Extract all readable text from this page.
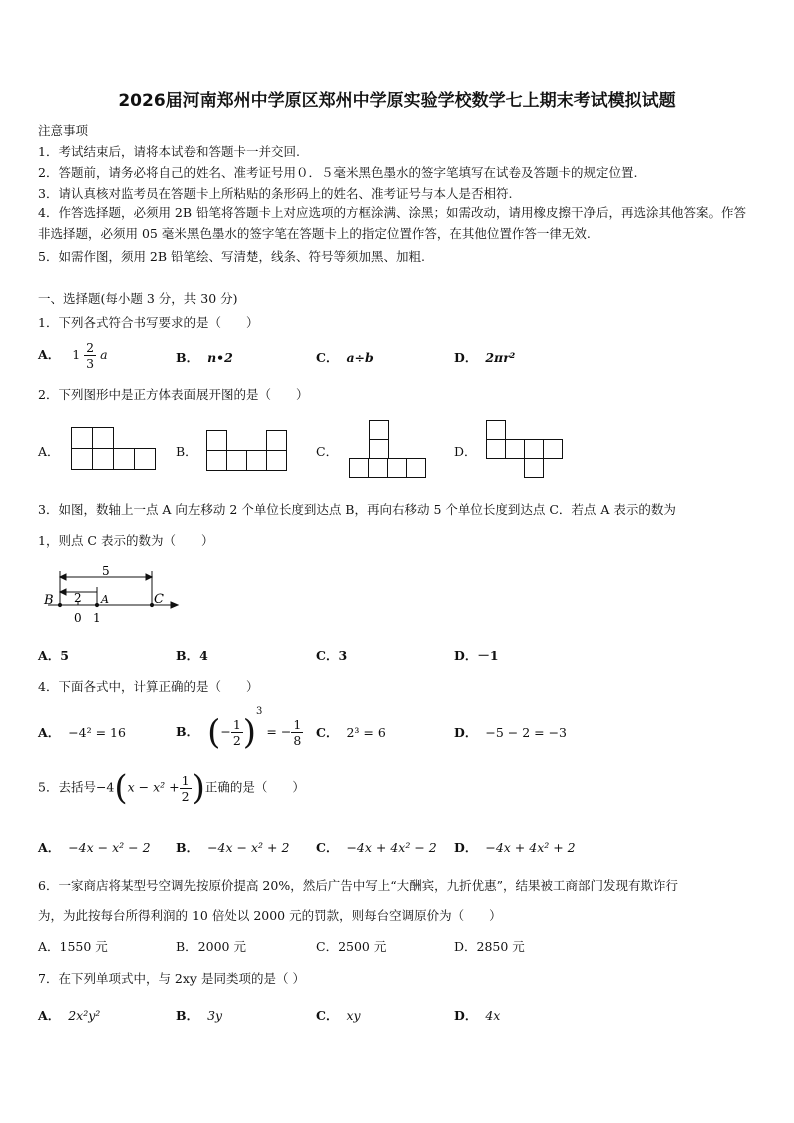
2026届河南郑州中学原区郑州中学原实验学校数学七上期末考试模拟试题
注意事项
1．考试结束后，请将本试卷和答题卡一并交回.
2．答题前，请务必将自己的姓名、准考证号用０．５毫米黑色墨水的签字笔填写在试卷及答题卡的规定位置.
3．请认真核对监考员在答题卡上所粘贴的条形码上的姓名、准考证号与本人是否相符.
4．作答选择题，必须用 2B 铅笔将答题卡上对应选项的方框涂满、涂黑；如需改动，请用橡皮擦干净后，再选涂其他答案。作答非选择题，必须用 05 毫米黑色墨水的签字笔在答题卡上的指定位置作答，在其他位置作答一律无效.
5．如需作图，须用 2B 铅笔绘、写清楚，线条、符号等须加黑、加粗.
一、选择题(每小题 3 分，共 30 分)
1．下列各式符合书写要求的是（　　）
A． $1 \frac{2}{3}$ a	B． n•2	C． a÷b	D． 2πr²
2．下列图形中是正方体表面展开图的是（　　）
A．	B．	C．	D．
3．如图，数轴上一点 A 向左移动 2 个单位长度到达点 B，再向右移动 5 个单位长度到达点 C．若点 A 表示的数为
1，则点 C 表示的数为（　　）
5
2
B	A	C
0 1
A．5	B．4	C．3	D．－1
4．下面各式中，计算正确的是（　　）
A． −4² = 16	B． (− $\frac{1}{2} )^3$ = − $\frac{1}{8}$ C． 2³ = 6	D． −5 − 2 = −3
5．去括号$-4(x - x^2 + \frac{1}{2}$ )正确的是（　　）
A． −4x − x² − 2 B． −4x − x² + 2 C． −4x + 4x² − 2 D． −4x + 4x² + 2
6．一家商店将某型号空调先按原价提高 20%，然后广告中写上“大酬宾，九折优惠”，结果被工商部门发现有欺诈行
为，为此按每台所得利润的 10 倍处以 2000 元的罚款，则每台空调原价为（　　）
A．1550 元	B．2000 元	C．2500 元	D．2850 元
7．在下列单项式中，与 2xy 是同类项的是（ ）
A． 2x²y²	B． 3y	C． xy	D． 4x
